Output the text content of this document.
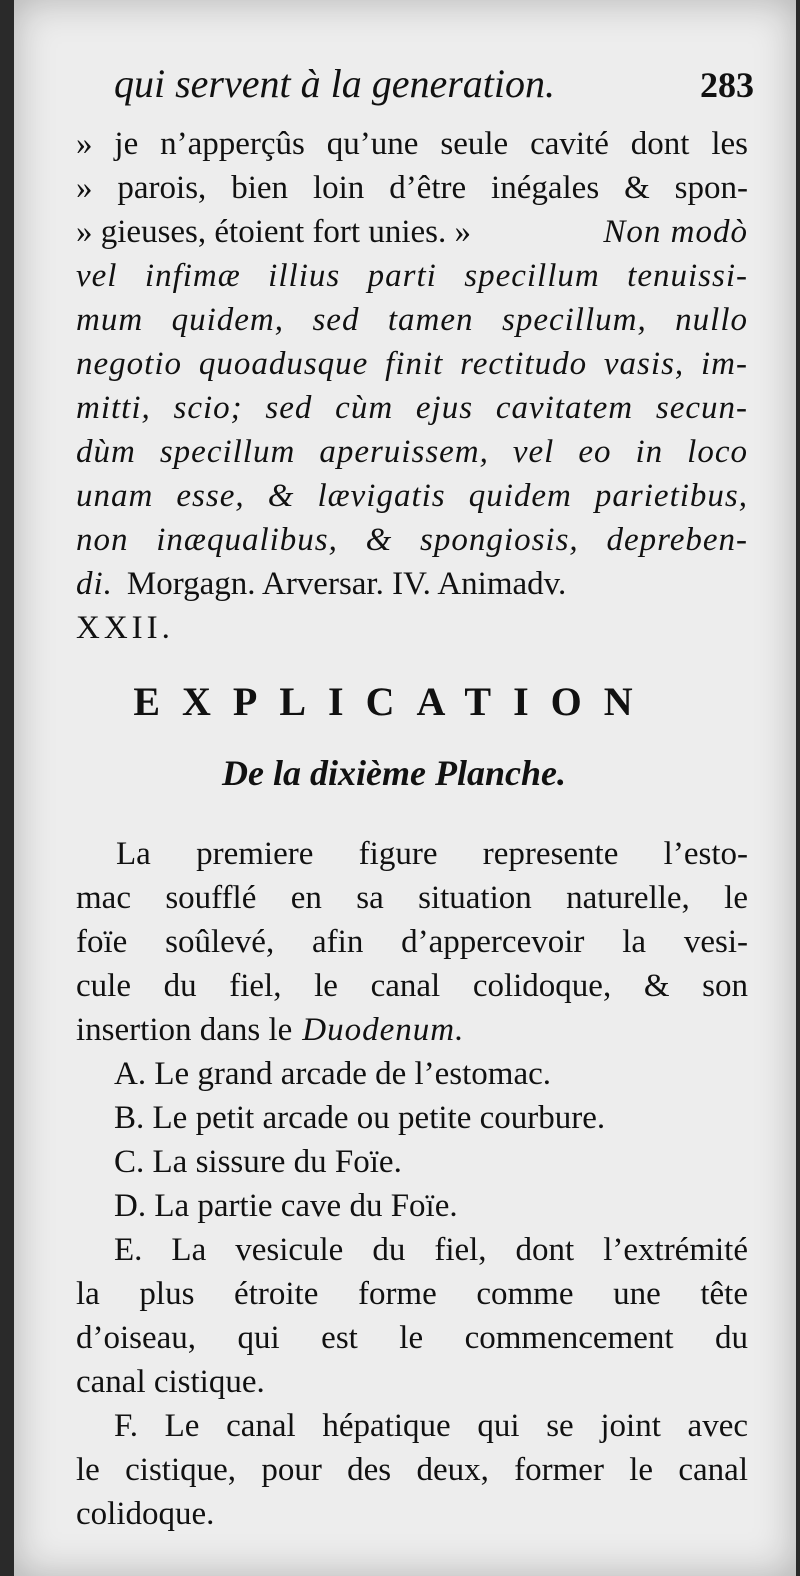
qui servent à la generation.	283
» je n’apperçûs qu’une seule cavité dont les
» parois, bien loin d’être inégales & spon-
» gieuses, étoient fort unies. »	Non modò
vel infimæ illius parti specillum tenuissi-
mum quidem, sed tamen specillum, nullo
negotio quoadusque finit rectitudo vasis, im-
mitti, scio; sed cùm ejus cavitatem secun-
dùm specillum aperuissem, vel eo in loco
unam esse, & lævigatis quidem parietibus,
non inæqualibus, & spongiosis, depreben-
di. Morgagn. Arversar. IV. Animadv.
XXII.
EXPLICATION
De la dixième Planche.
La premiere figure represente l’esto-
mac soufflé en sa situation naturelle, le
foïe soûlevé, afin d’appercevoir la vesi-
cule du fiel, le canal colidoque, & son
insertion dans le Duodenum.
A. Le grand arcade de l’estomac.
B. Le petit arcade ou petite courbure.
C. La sissure du Foïe.
D. La partie cave du Foïe.
E. La vesicule du fiel, dont l’extrémité
la plus étroite forme comme une tête
d’oiseau, qui est le commencement du
canal cistique.
F. Le canal hépatique qui se joint avec
le cistique, pour des deux, former le canal
colidoque.
